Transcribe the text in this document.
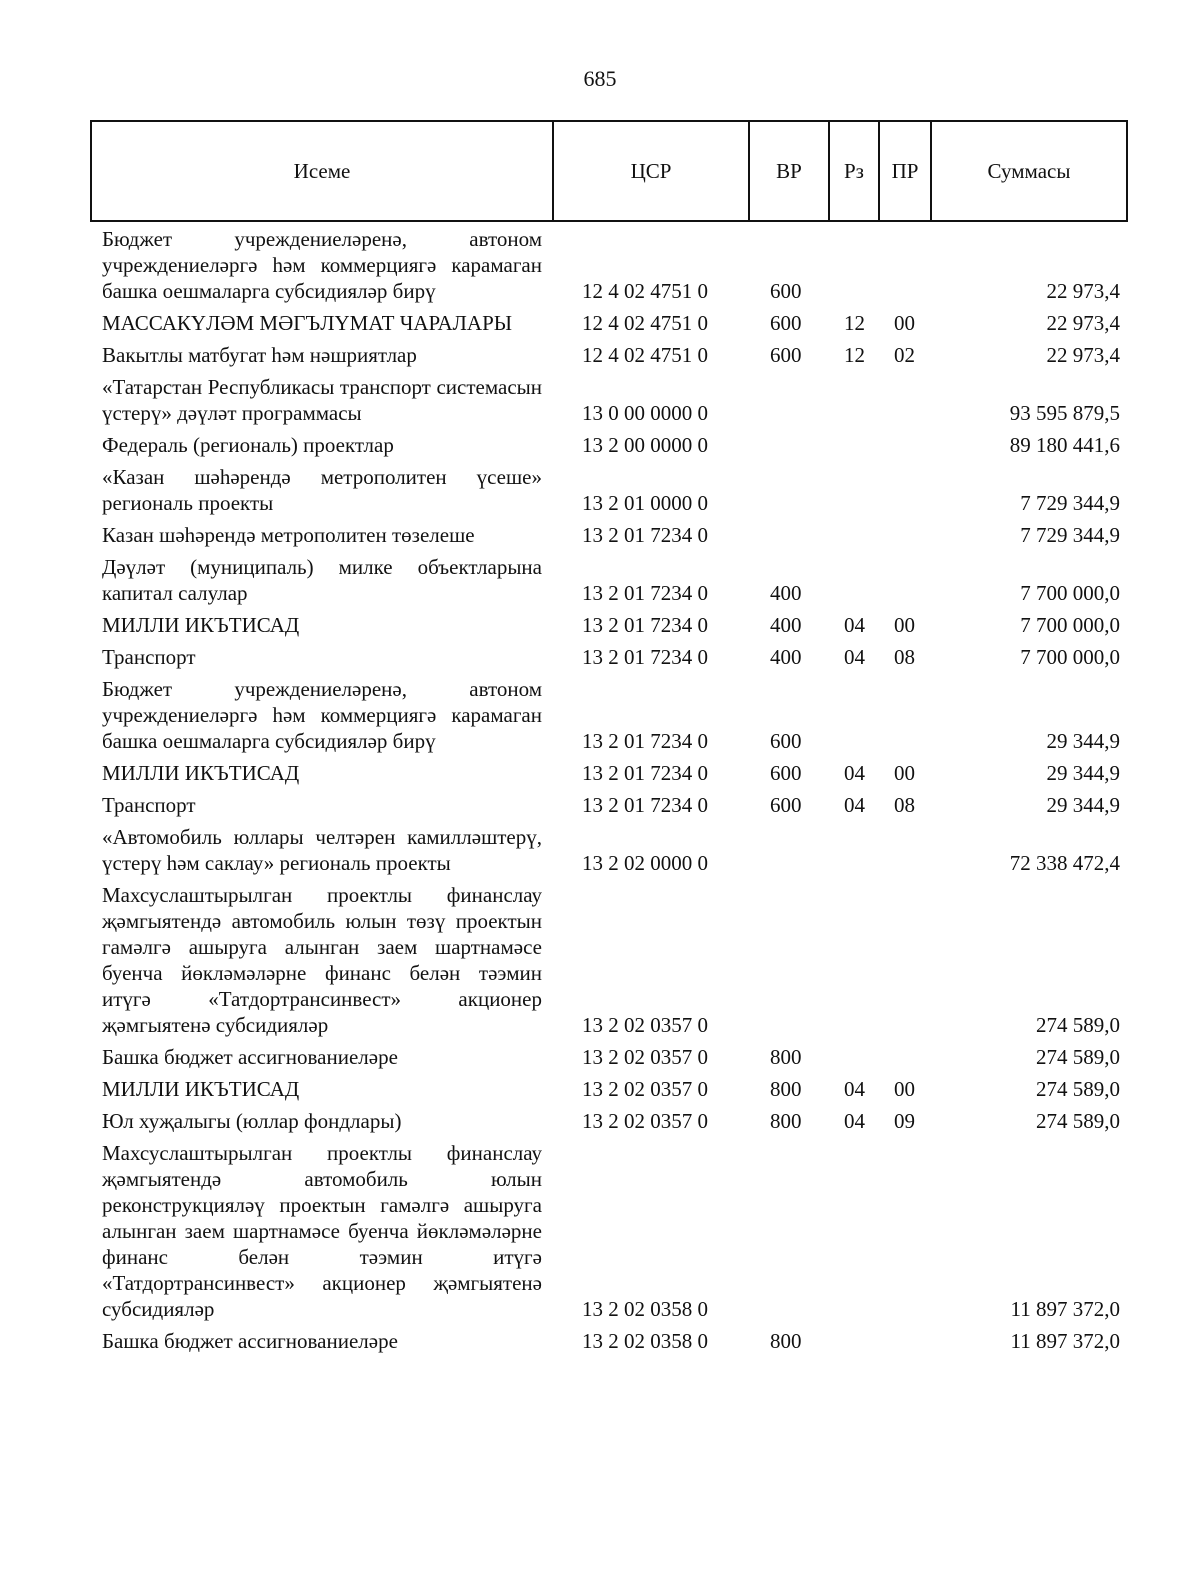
685
Исеме	ЦСР	ВР	Рз	ПР	Суммасы
Бюджет учреждениеләренә, автоном учреждениеләргә һәм коммерциягә карамаган башка оешмаларга субсидияләр бирү	12 4 02 4751 0	600			22 973,4
МАССАКҮЛӘМ МӘГЪЛҮМАТ ЧАРАЛАРЫ	12 4 02 4751 0	600	12	00	22 973,4
Вакытлы матбугат һәм нәшриятлар	12 4 02 4751 0	600	12	02	22 973,4
«Татарстан Республикасы транспорт системасын үстерү» дәүләт программасы	13 0 00 0000 0				93 595 879,5
Федераль (региональ) проектлар	13 2 00 0000 0				89 180 441,6
«Казан шәһәрендә метрополитен үсеше» региональ проекты	13 2 01 0000 0				7 729 344,9
Казан шәһәрендә метрополитен төзелеше	13 2 01 7234 0				7 729 344,9
Дәүләт (муниципаль) милке объектларына капитал салулар	13 2 01 7234 0	400			7 700 000,0
МИЛЛИ ИКЪТИСАД	13 2 01 7234 0	400	04	00	7 700 000,0
Транспорт	13 2 01 7234 0	400	04	08	7 700 000,0
Бюджет учреждениеләренә, автоном учреждениеләргә һәм коммерциягә карамаган башка оешмаларга субсидияләр бирү	13 2 01 7234 0	600			29 344,9
МИЛЛИ ИКЪТИСАД	13 2 01 7234 0	600	04	00	29 344,9
Транспорт	13 2 01 7234 0	600	04	08	29 344,9
«Автомобиль юллары челтәрен камилләштерү, үстерү һәм саклау» региональ проекты	13 2 02 0000 0				72 338 472,4
Махсуслаштырылган проектлы финанслау җәмгыятендә автомобиль юлын төзү проектын гамәлгә ашыруга алынган заем шартнамәсе буенча йөкләмәләрне финанс белән тәэмин итүгә «Татдортрансинвест» акционер җәмгыятенә субсидияләр	13 2 02 0357 0				274 589,0
Башка бюджет ассигнованиеләре	13 2 02 0357 0	800			274 589,0
МИЛЛИ ИКЪТИСАД	13 2 02 0357 0	800	04	00	274 589,0
Юл хуҗалыгы (юллар фондлары)	13 2 02 0357 0	800	04	09	274 589,0
Махсуслаштырылган проектлы финанслау җәмгыятендә автомобиль юлын реконструкцияләү проектын гамәлгә ашыруга алынган заем шартнамәсе буенча йөкләмәләрне финанс белән тәэмин итүгә «Татдортрансинвест» акционер җәмгыятенә субсидияләр	13 2 02 0358 0				11 897 372,0
Башка бюджет ассигнованиеләре	13 2 02 0358 0	800			11 897 372,0
